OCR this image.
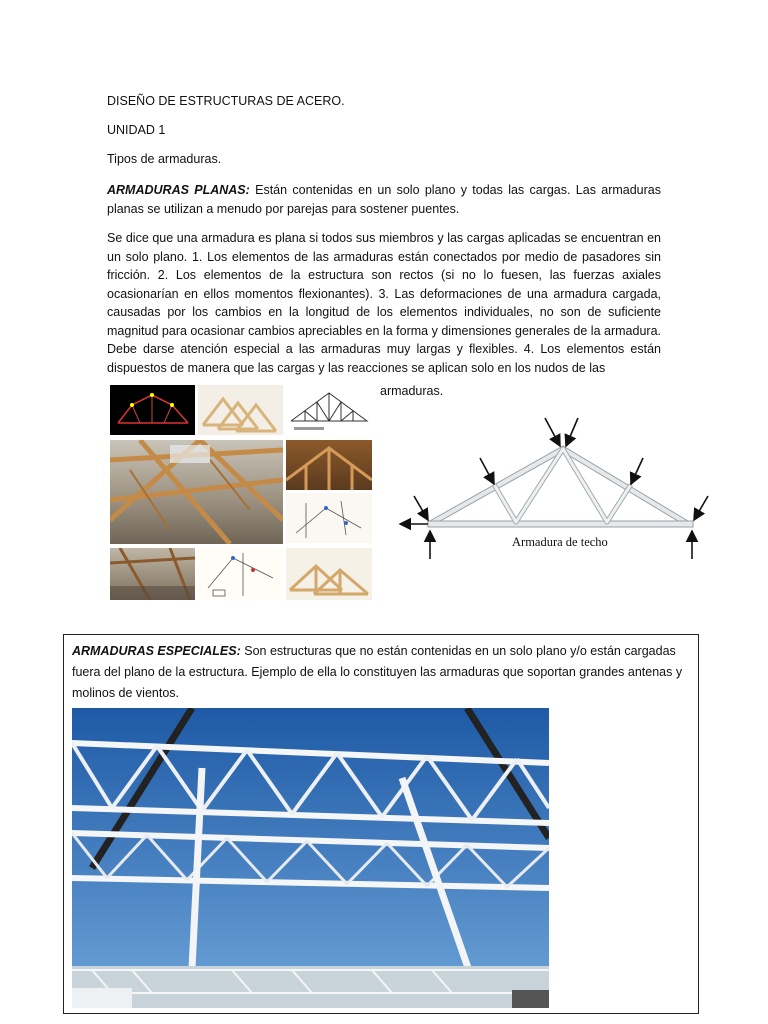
DISEÑO DE ESTRUCTURAS DE ACERO.
UNIDAD 1
Tipos de armaduras.
ARMADURAS PLANAS: Están contenidas en un solo plano y todas las cargas. Las armaduras planas se utilizan a menudo por parejas para sostener puentes.
Se dice que una armadura es plana si todos sus miembros y las cargas aplicadas se encuentran en un solo plano. 1. Los elementos de las armaduras están conectados por medio de pasadores sin fricción. 2. Los elementos de la estructura son rectos (si no lo fuesen, las fuerzas axiales ocasionarían en ellos momentos flexionantes). 3. Las deformaciones de una armadura cargada, causadas por los cambios en la longitud de los elementos individuales, no son de suficiente magnitud para ocasionar cambios apreciables en la forma y dimensiones generales de la armadura. Debe darse atención especial a las armaduras muy largas y flexibles. 4. Los elementos están dispuestos de manera que las cargas y las reacciones se aplican solo en los nudos de las
armaduras.
Armadura de techo
ARMADURAS ESPECIALES: Son estructuras que no están contenidas en un solo plano y/o están cargadas fuera del plano de la estructura. Ejemplo de ella lo constituyen las armaduras que soportan grandes antenas y molinos de vientos.
